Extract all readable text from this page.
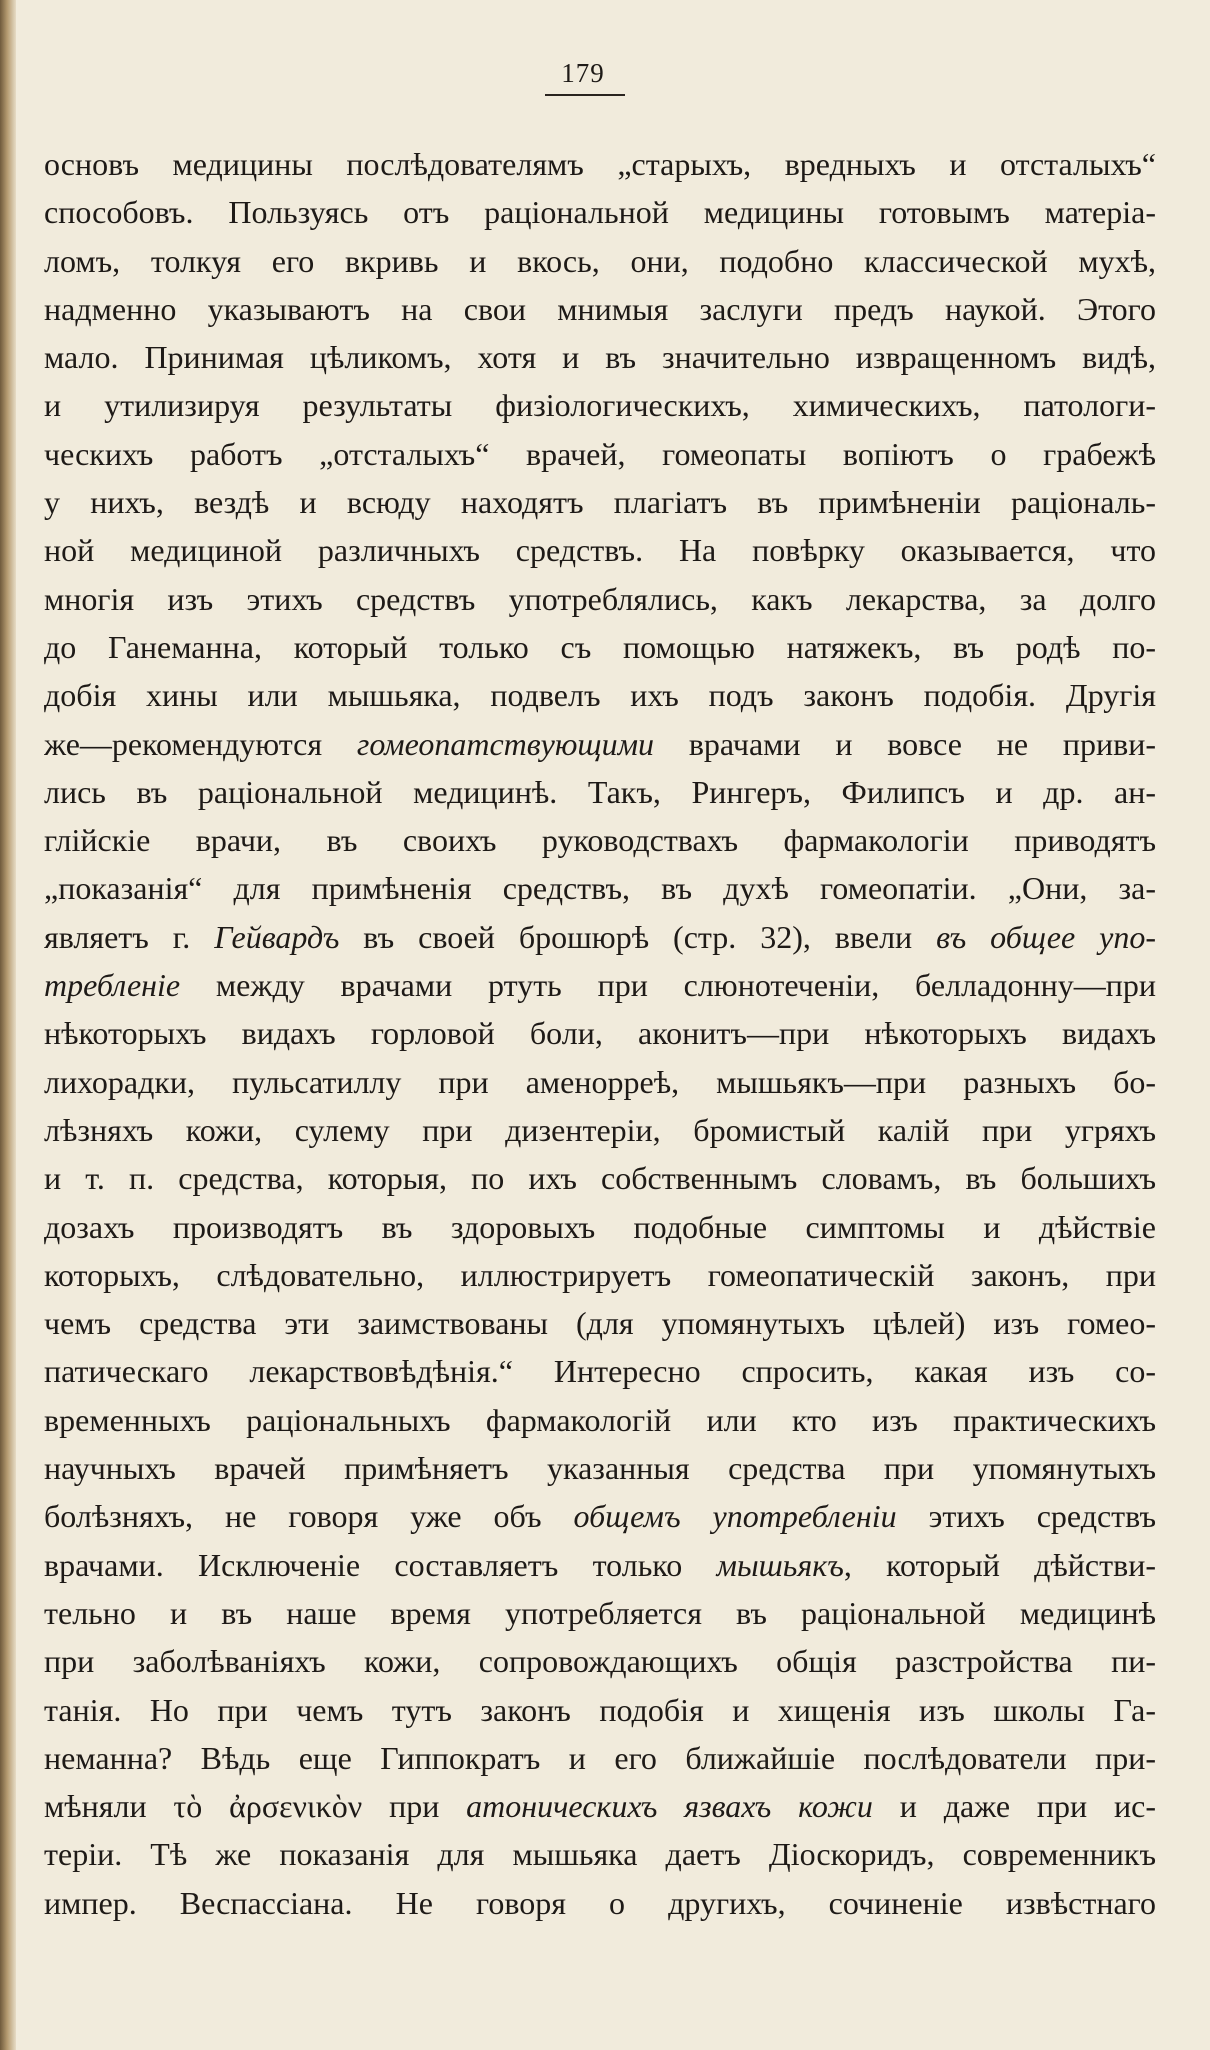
179
основъ медицины послѣдователямъ „старыхъ, вредныхъ и отсталыхъ“
способовъ. Пользуясь отъ раціональной медицины готовымъ матеріа-
ломъ, толкуя его вкривь и вкось, они, подобно классической мухѣ,
надменно указываютъ на свои мнимыя заслуги предъ наукой. Этого
мало. Принимая цѣликомъ, хотя и въ значительно извращенномъ видѣ,
и утилизируя результаты физiологическихъ, химическихъ, патологи-
ческихъ работъ „отсталыхъ“ врачей, гомеопаты вопіютъ о грабежѣ
у нихъ, вездѣ и всюду находятъ плагіатъ въ примѣненіи раціональ-
ной медициной различныхъ средствъ. На повѣрку оказывается, что
многія изъ этихъ средствъ употреблялись, какъ лекарства, за долго
до Ганеманна, который только съ помощью натяжекъ, въ родѣ по-
добія хины или мышьяка, подвелъ ихъ подъ законъ подобія. Другія
же—рекомендуются гомеопатствующими врачами и вовсе не приви-
лись въ раціональной медицинѣ. Такъ, Рингеръ, Филипсъ и др. ан-
глійскіе врачи, въ своихъ руководствахъ фармакологіи приводятъ
„показанія“ для примѣненія средствъ, въ духѣ гомеопатіи. „Они, за-
являетъ г. Гейвардъ въ своей брошюрѣ (стр. 32), ввели въ общее упо-
требленіе между врачами ртуть при слюнотеченіи, белладонну—при
нѣкоторыхъ видахъ горловой боли, аконитъ—при нѣкоторыхъ видахъ
лихорадки, пульсатиллу при аменорреѣ, мышьякъ—при разныхъ бо-
лѣзняхъ кожи, сулему при дизентеріи, бромистый калій при угряхъ
и т. п. средства, которыя, по ихъ собственнымъ словамъ, въ большихъ
дозахъ производятъ въ здоровыхъ подобные симптомы и дѣйствіе
которыхъ, слѣдовательно, иллюстрируетъ гомеопатическій законъ, при
чемъ средства эти заимствованы (для упомянутыхъ цѣлей) изъ гомео-
патическаго лекарствовѣдѣнія.“ Интересно спросить, какая изъ со-
временныхъ раціональныхъ фармакологій или кто изъ практическихъ
научныхъ врачей примѣняетъ указанныя средства при упомянутыхъ
болѣзняхъ, не говоря уже объ общемъ употребленіи этихъ средствъ
врачами. Исключеніе составляетъ только мышьякъ, который дѣйстви-
тельно и въ наше время употребляется въ раціональной медицинѣ
при заболѣваніяхъ кожи, сопровождающихъ общія разстройства пи-
танія. Но при чемъ тутъ законъ подобія и хищенія изъ школы Га-
неманна? Вѣдь еще Гиппократъ и его ближайшіе послѣдователи при-
мѣняли τὸ ἀρσενικὸν при атоническихъ язвахъ кожи и даже при ис-
теріи. Тѣ же показанія для мышьяка даетъ Діоскоридъ, современникъ
импер. Веспассіана. Не говоря о другихъ, сочиненіе извѣстнаго
